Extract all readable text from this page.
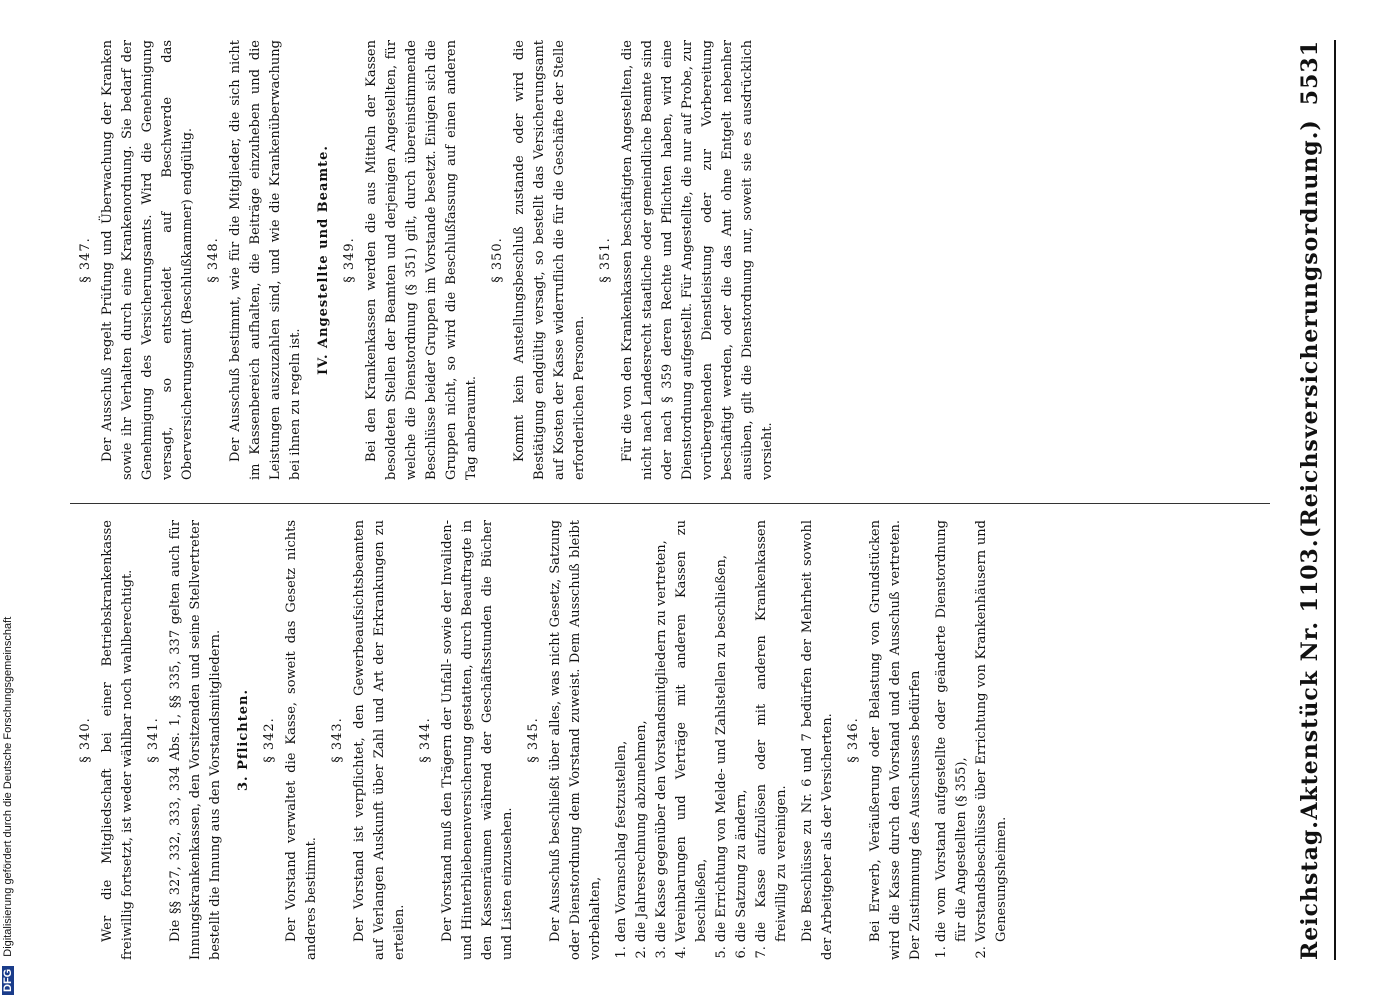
Reichstag.
Aktenstück Nr. 1103.
(Reichsversicherungsordnung.)
5531
§ 340. Wer die Mitgliedschaft bei einer Betriebskrankenkasse freiwillig fortsetzt, ist weder wählbar noch wahlberechtigt. § 341. Die §§ 327, 332, 333, 334 Abs. 1, §§ 335, 337 gelten auch für Innungskrankenkassen, den Vorsitzenden und seine Stellvertreter bestellt die Innung aus den Vorstandsmitgliedern. 3. Pflichten. § 342. Der Vorstand verwaltet die Kasse, soweit das Gesetz nichts anderes bestimmt.

§ 343. Der Vorstand ist verpflichtet, den Gewerbeaufsichtsbeamten auf Verlangen Auskunft über Zahl und Art der Erkrankungen zu erteilen.

§ 344. Der Vorstand muß den Trägern der Unfall- sowie der Invaliden- und Hinterbliebenenversicherung gestatten, durch Beauftragte in den Kassenräumen während der Geschäftsstunden die Bücher und Listen einzusehen.

§ 345. Der Ausschuß beschließt über alles, was nicht Gesetz, Satzung oder Dienstordnung dem Vorstand zuweist. Dem Ausschuß bleibt vorbehalten, 1. den Voranschlag festzustellen, 2. die Jahresrechnung abzunehmen, 3. die Kasse gegenüber den Vorstandsmitgliedern zu vertreten, 4. Vereinbarungen und Verträge mit anderen Kassen zu beschließen, 5. die Errichtung von Melde- und Zahlstellen zu beschließen, 6. die Satzung zu ändern, 7. die Kasse aufzulösen oder mit anderen Krankenkassen freiwillig zu vereinigen. Die Beschlüsse zu Nr. 6 und 7 bedürfen der Mehrheit sowohl der Arbeitgeber als der Versicherten. § 346. Bei Erwerb, Veräußerung oder Belastung von Grundstücken wird die Kasse durch den Vorstand und den Ausschuß vertreten. Der Zustimmung des Ausschusses bedürfen 1. die vom Vorstand aufgestellte oder geänderte Dienstordnung für die Angestellten (§ 355), 2. Vorstandsbeschlüsse über Errichtung von Krankenhäusern und Genesungsheimen.
§ 347. Der Ausschuß regelt Prüfung und Überwachung der Kranken sowie ihr Verhalten durch eine Krankenordnung. Sie bedarf der Genehmigung des Versicherungsamts. Wird die Genehmigung versagt, so entscheidet auf Beschwerde das Oberversicherungsamt (Beschlußkammer) endgültig. § 348. Der Ausschuß bestimmt, wie für die Mitglieder, die sich nicht im Kassenbereich aufhalten, die Beiträge einzuheben und die Leistungen auszuzahlen sind, und wie die Krankenüberwachung bei ihnen zu regeln ist.

IV. Angestellte und Beamte. § 349. Bei den Krankenkassen werden die aus Mitteln der Kassen besoldeten Stellen der Beamten und derjenigen Angestellten, für welche die Dienstordnung (§ 351) gilt, durch übereinstimmende Beschlüsse beider Gruppen im Vorstande besetzt. Einigen sich die Gruppen nicht, so wird die Beschlußfassung auf einen anderen Tag anberaumt.

§ 350. Kommt kein Anstellungsbeschluß zustande oder wird die Bestätigung endgültig versagt, so bestellt das Versicherungsamt auf Kosten der Kasse widerruflich die für die Geschäfte der Stelle erforderlichen Personen.

§ 351. Für die von den Krankenkassen beschäftigten Angestellten, die nicht nach Landesrecht staatliche oder gemeindliche Beamte sind oder nach § 359 deren Rechte und Pflichten haben, wird eine Dienstordnung aufgestellt. Für Angestellte, die nur auf Probe, zur vorübergehenden Dienstleistung oder zur Vorbereitung beschäftigt werden, oder die das Amt ohne Entgelt nebenher ausüben, gilt die Dienstordnung nur, soweit sie es ausdrücklich vorsieht.

DFG Digitalisierung gefördert durch die Deutsche Forschungsgemeinschaft
